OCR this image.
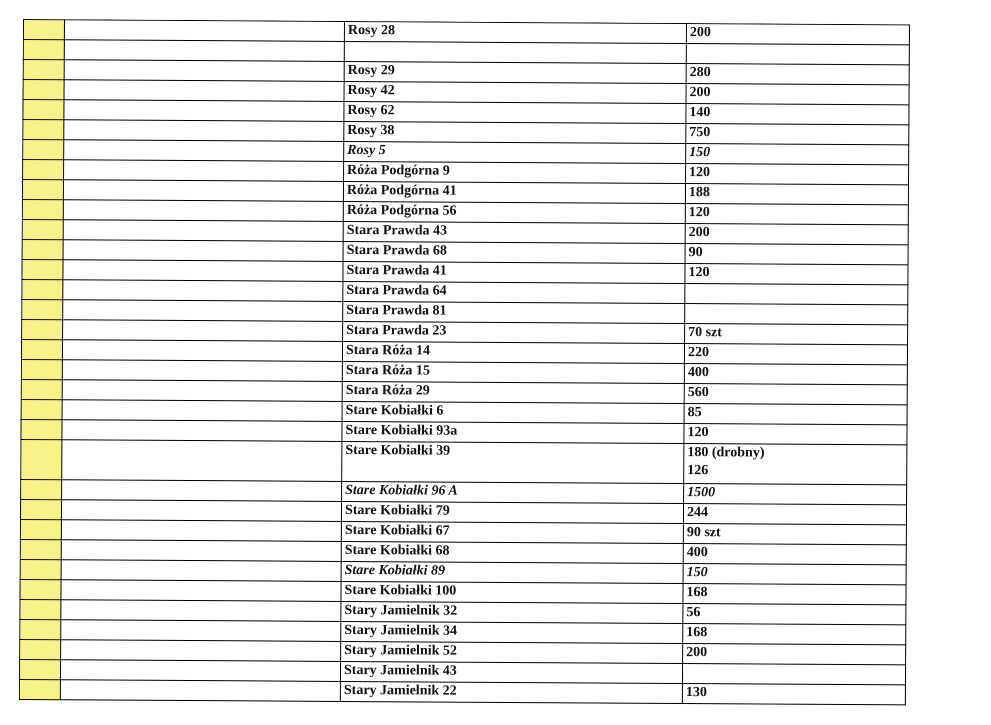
		Rosy 28	200

		Rosy 29	280

		Rosy 42	200

		Rosy 62	140

		Rosy 38	750

		Rosy 5	150

		Róża Podgórna 9	120

		Róża Podgórna 41	188

		Róża Podgórna 56	120

		Stara Prawda 43	200

		Stara Prawda 68	90

		Stara Prawda 41	120

		Stara Prawda 64	

		Stara Prawda 81	

		Stara Prawda 23	70 szt

		Stara Róża 14	220

		Stara Róża 15	400

		Stara Róża 29	560

		Stare Kobiałki 6	85

		Stare Kobiałki 93a	120

		Stare Kobiałki 39	180 (drobny)
126

		Stare Kobiałki 96 A	1500

		Stare Kobiałki 79	244

		Stare Kobiałki 67	90 szt

		Stare Kobiałki 68	400

		Stare Kobiałki 89	150

		Stare Kobiałki 100	168

		Stary Jamielnik 32	56

		Stary Jamielnik 34	168

		Stary Jamielnik 52	200

		Stary Jamielnik 43	

		Stary Jamielnik 22	130
